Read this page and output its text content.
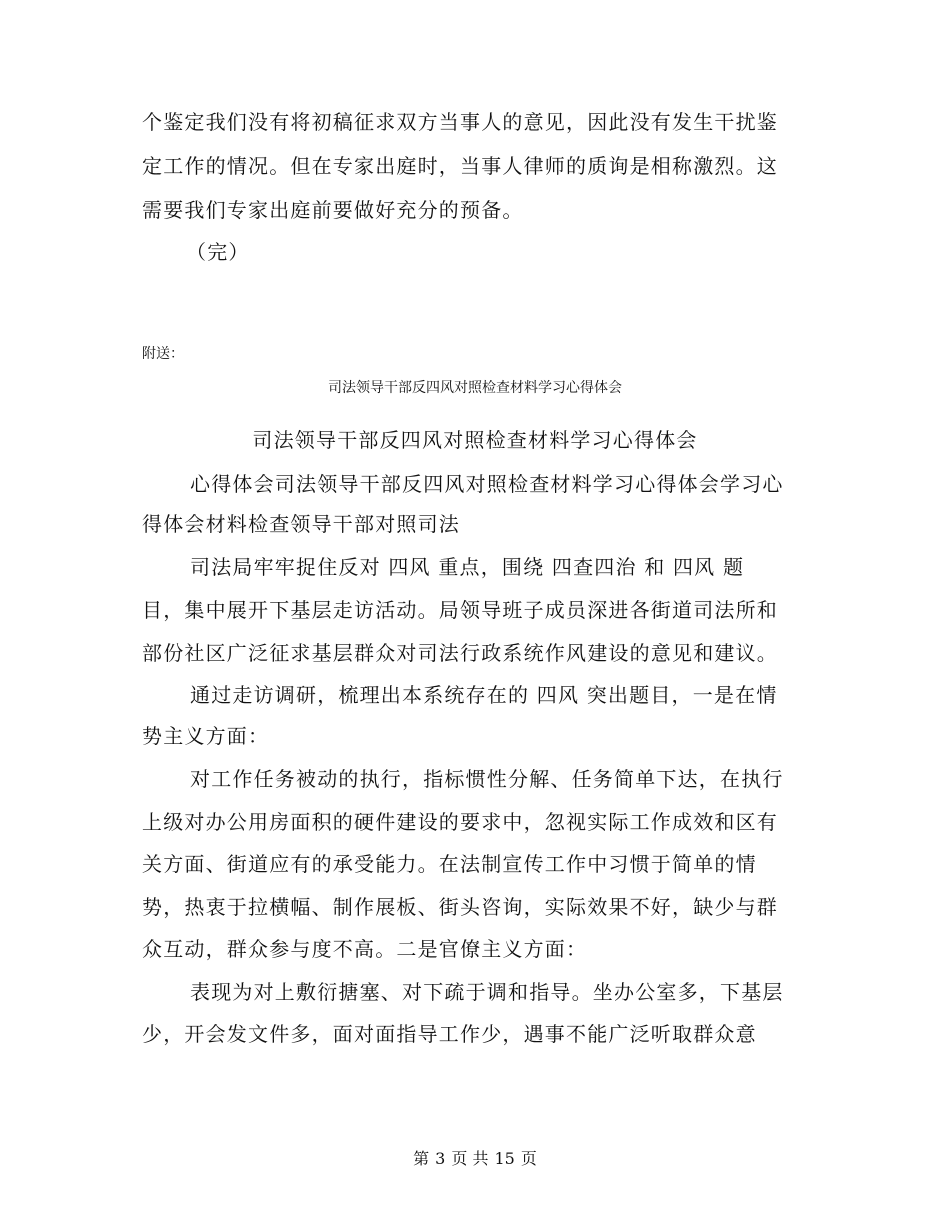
个鉴定我们没有将初稿征求双方当事人的意见，因此没有发生干扰鉴
定工作的情况。但在专家出庭时，当事人律师的质询是相称激烈。这
需要我们专家出庭前要做好充分的预备。
（完）
附送：
司法领导干部反四风对照检查材料学习心得体会
司法领导干部反四风对照检查材料学习心得体会
心得体会司法领导干部反四风对照检查材料学习心得体会学习心
得体会材料检查领导干部对照司法
司法局牢牢捉住反对 四风 重点，围绕 四查四治 和 四风 题
目，集中展开下基层走访活动。局领导班子成员深进各街道司法所和
部份社区广泛征求基层群众对司法行政系统作风建设的意见和建议。
通过走访调研，梳理出本系统存在的 四风 突出题目，一是在情
势主义方面：
对工作任务被动的执行，指标惯性分解、任务简单下达，在执行
上级对办公用房面积的硬件建设的要求中，忽视实际工作成效和区有
关方面、街道应有的承受能力。在法制宣传工作中习惯于简单的情
势，热衷于拉横幅、制作展板、街头咨询，实际效果不好，缺少与群
众互动，群众参与度不高。二是官僚主义方面：
表现为对上敷衍搪塞、对下疏于调和指导。坐办公室多，下基层
少，开会发文件多，面对面指导工作少，遇事不能广泛听取群众意
第 3 页 共 15 页
